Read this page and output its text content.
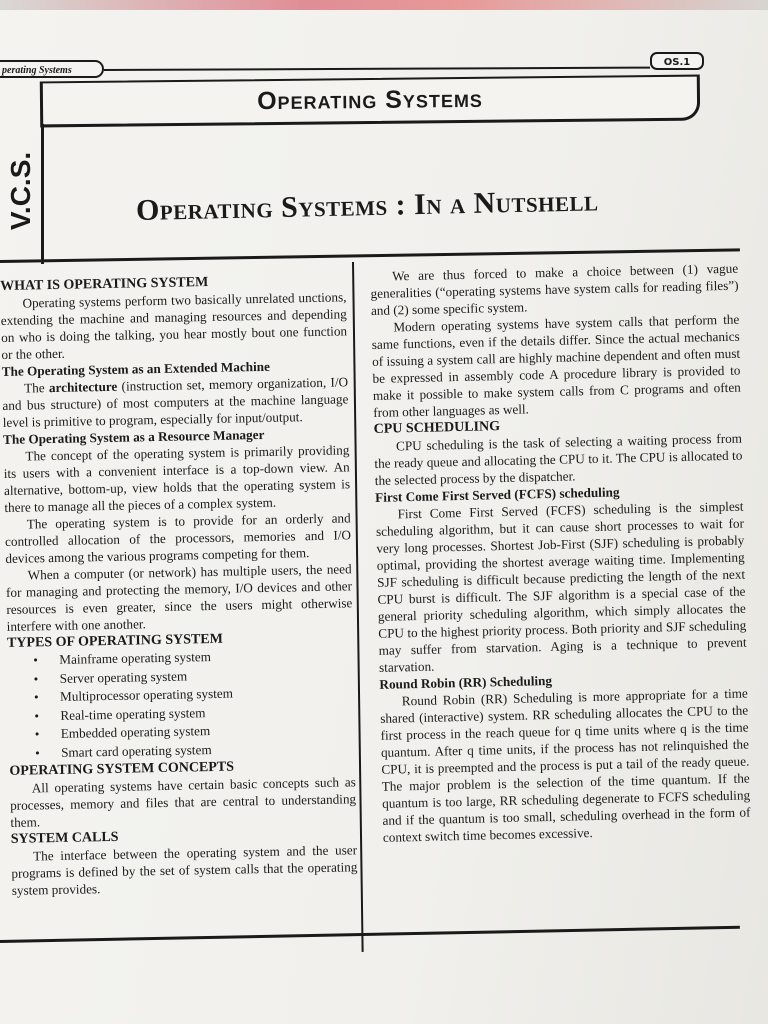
perating Systems
OS.1
Operating Systems
V.C.S.	Operating Systems : In a Nutshell
WHAT IS OPERATING SYSTEM

Operating systems perform two basically unrelated unctions, extending the machine and managing resources and depending on who is doing the talking, you hear mostly bout one function or the other.

The Operating System as an Extended Machine

The architecture (instruction set, memory organization, I/O and bus structure) of most computers at the machine language level is primitive to program, especially for input/output.

The Operating System as a Resource Manager

The concept of the operating system is primarily providing its users with a convenient interface is a top-down view. An alternative, bottom-up, view holds that the operating system is there to manage all the pieces of a complex system.

The operating system is to provide for an orderly and controlled allocation of the processors, memories and I/O devices among the various programs competing for them.

When a computer (or network) has multiple users, the need for managing and protecting the memory, I/O devices and other resources is even greater, since the users might otherwise interfere with one another.

TYPES OF OPERATING SYSTEM
• Mainframe operating system
• Server operating system
• Multiprocessor operating system
• Real-time operating system
• Embedded operating system
• Smart card operating system
OPERATING SYSTEM CONCEPTS

All operating systems have certain basic concepts such as processes, memory and files that are central to understanding them.

SYSTEM CALLS

The interface between the operating system and the user programs is defined by the set of system calls that the operating system provides.

We are thus forced to make a choice between (1) vague generalities (“operating systems have system calls for reading files”) and (2) some specific system.

Modern operating systems have system calls that perform the same functions, even if the details differ. Since the actual mechanics of issuing a system call are highly machine dependent and often must be expressed in assembly code A procedure library is provided to make it possible to make system calls from C programs and often from other languages as well.

CPU SCHEDULING

CPU scheduling is the task of selecting a waiting process from the ready queue and allocating the CPU to it. The CPU is allocated to the selected process by the dispatcher.

First Come First Served (FCFS) scheduling

First Come First Served (FCFS) scheduling is the simplest scheduling algorithm, but it can cause short processes to wait for very long processes. Shortest Job-First (SJF) scheduling is probably optimal, providing the shortest average waiting time. Implementing SJF scheduling is difficult because predicting the length of the next CPU burst is difficult. The SJF algorithm is a special case of the general priority scheduling algorithm, which simply allocates the CPU to the highest priority process. Both priority and SJF scheduling may suffer from starvation. Aging is a technique to prevent starvation.

Round Robin (RR) Scheduling

Round Robin (RR) Scheduling is more appropriate for a time shared (interactive) system. RR scheduling allocates the CPU to the first process in the reach queue for q time units where q is the time quantum. After q time units, if the process has not relinquished the CPU, it is preempted and the process is put a tail of the ready queue. The major problem is the selection of the time quantum. If the quantum is too large, RR scheduling degenerate to FCFS scheduling and if the quantum is too small, scheduling overhead in the form of context switch time becomes excessive.
